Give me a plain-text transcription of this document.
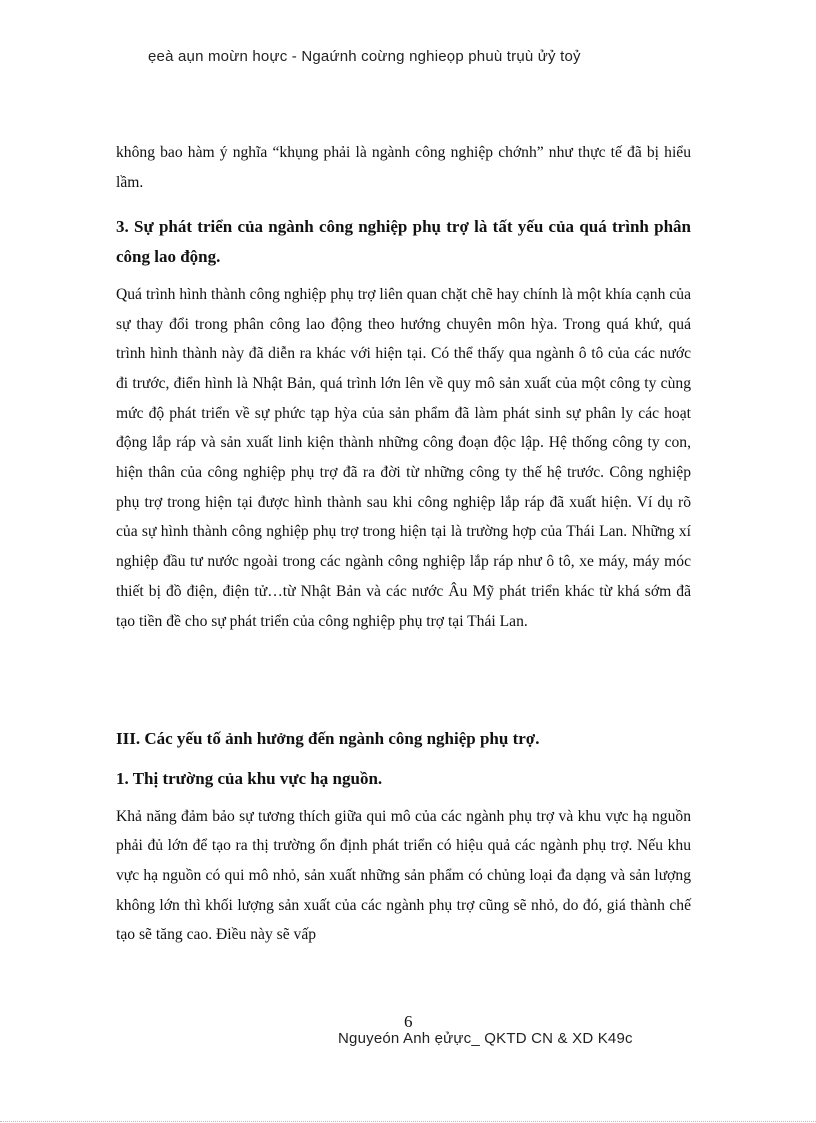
ẹeà aụn moừn hoực - Ngaứnh coừng nghieọp phuù trụù ửỷ toỷ

không bao hàm ý nghĩa “khụng phải là ngành công nghiệp chớnh” như thực tế đã bị hiểu lầm.

3. Sự phát triển của ngành công nghiệp phụ trợ là tất yếu của quá trình phân công lao động.

Quá trình hình thành công nghiệp phụ trợ liên quan chặt chẽ hay chính là một khía cạnh của sự thay đổi trong phân công lao động theo hướng chuyên môn hỳa. Trong quá khứ, quá trình hình thành này đã diễn ra khác với hiện tại. Có thể thấy qua ngành ô tô của các nước đi trước, điển hình là Nhật Bản, quá trình lớn lên về quy mô sản xuất của một công ty cùng mức độ phát triển về sự phức tạp hỳa của sản phẩm đã làm phát sinh sự phân ly các hoạt động lắp ráp và sản xuất linh kiện thành những công đoạn độc lập. Hệ thống công ty con, hiện thân của công nghiệp phụ trợ đã ra đời từ những công ty thế hệ trước. Công nghiệp phụ trợ trong hiện tại được hình thành sau khi công nghiệp lắp ráp đã xuất hiện. Ví dụ rõ của sự hình thành công nghiệp phụ trợ trong hiện tại là trường hợp của Thái Lan. Những xí nghiệp đầu tư nước ngoài trong các ngành công nghiệp lắp ráp như ô tô, xe máy, máy móc thiết bị đồ điện, điện tử…từ Nhật Bản và các nước Âu Mỹ phát triển khác từ khá sớm đã tạo tiền đề cho sự phát triển của công nghiệp phụ trợ tại Thái Lan.

III. Các yếu tố ảnh hưởng đến ngành công nghiệp phụ trợ.

1. Thị trường của khu vực hạ nguồn.

Khả năng đảm bảo sự tương thích giữa qui mô của các ngành phụ trợ và khu vực hạ nguồn phải đủ lớn để tạo ra thị trường ổn định phát triển có hiệu quả các ngành phụ trợ. Nếu khu vực hạ nguồn có qui mô nhỏ, sản xuất những sản phẩm có chủng loại đa dạng và sản lượng không lớn thì khối lượng sản xuất của các ngành phụ trợ cũng sẽ nhỏ, do đó, giá thành chế tạo sẽ tăng cao. Điều này sẽ vấp

6
Nguyeón Anh ẹửực_ QKTD CN & XD K49c
